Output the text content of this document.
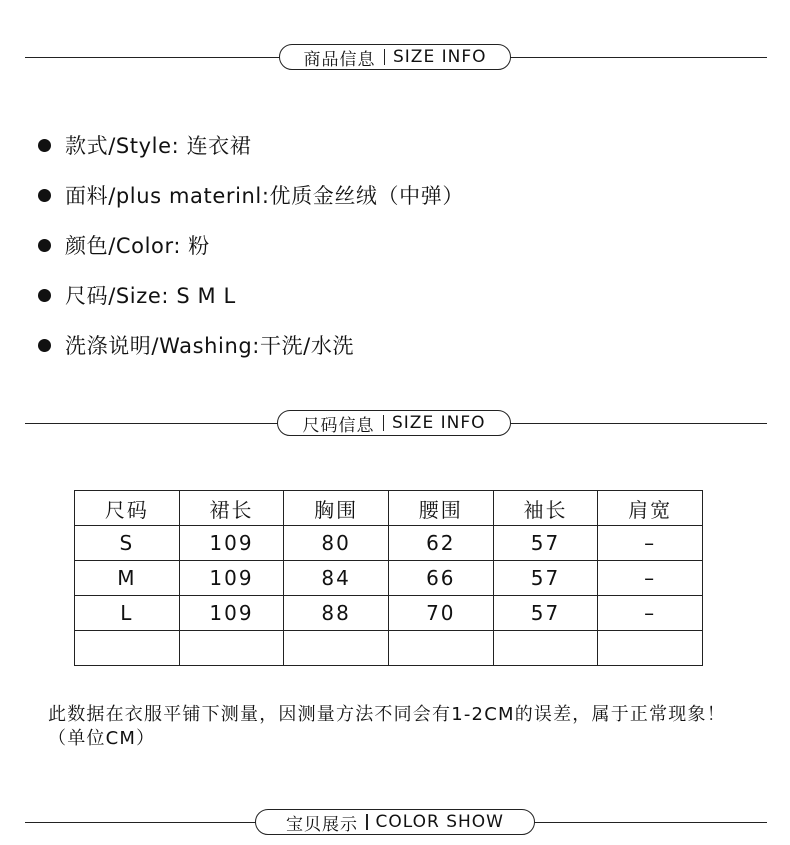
商品信息 SIZE INFO
款式/Style: 连衣裙
面料/plus materinl:优质金丝绒（中弹）
颜色/Color: 粉
尺码/Size: S M L
洗涤说明/Washing:干洗/水洗
尺码信息 SIZE INFO
尺码	裙长	胸围	腰围	袖长	肩宽
S	109	80	62	57	–
M	109	84	66	57	–
L	109	88	70	57	–

此数据在衣服平铺下测量，因测量方法不同会有1-2CM的误差，属于正常现象！（单位CM）
宝贝展示 COLOR SHOW
